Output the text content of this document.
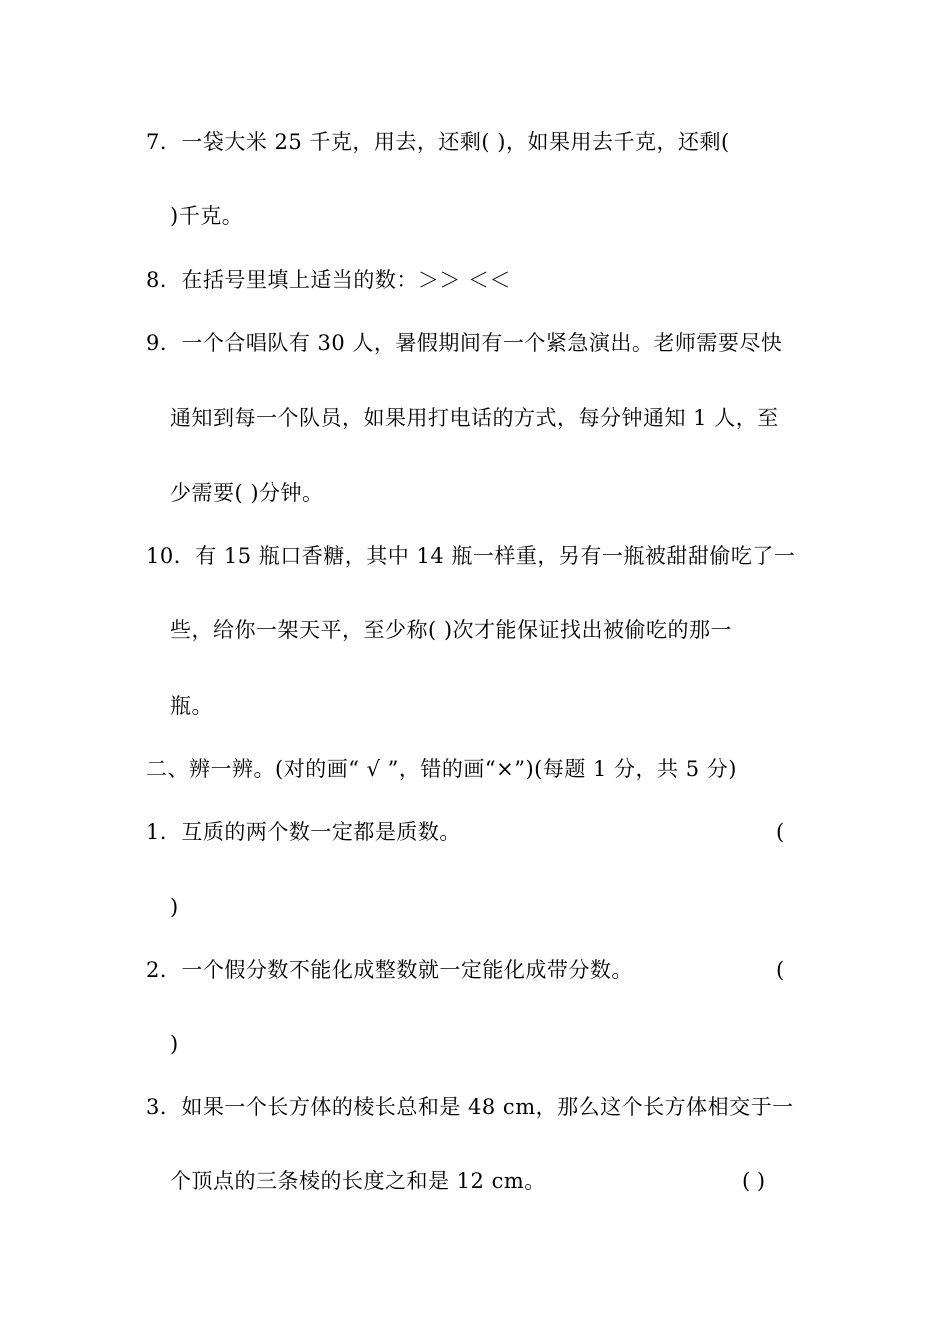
7．一袋大米 25 千克，用去，还剩( )，如果用去千克，还剩(

)千克。

8．在括号里填上适当的数：＞＞ ＜＜

9．一个合唱队有 30 人，暑假期间有一个紧急演出。老师需要尽快

通知到每一个队员，如果用打电话的方式，每分钟通知 1 人，至

少需要( )分钟。

10．有 15 瓶口香糖，其中 14 瓶一样重，另有一瓶被甜甜偷吃了一

些，给你一架天平，至少称( )次才能保证找出被偷吃的那一

瓶。

二、辨一辨。(对的画“ √ ”，错的画“×”)(每题 1 分，共 5 分)

1．互质的两个数一定都是质数。	(

)

2．一个假分数不能化成整数就一定能化成带分数。	(

)

3．如果一个长方体的棱长总和是 48 cm，那么这个长方体相交于一

个顶点的三条棱的长度之和是 12 cm。	( )
